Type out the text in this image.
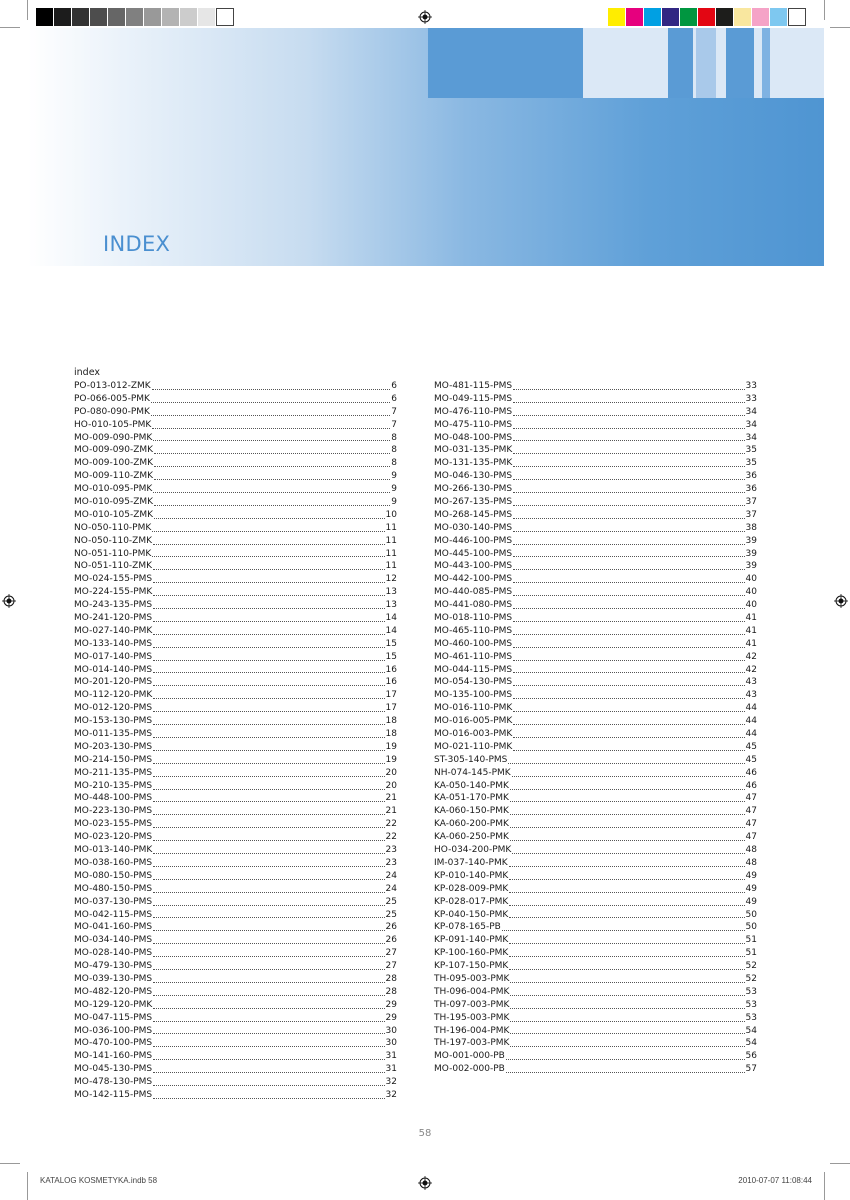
INDEX
index
PO-013-012-ZMK	6
PO-066-005-PMK	6
PO-080-090-PMK	7
HO-010-105-PMK	7
MO-009-090-PMK	8
MO-009-090-ZMK	8
MO-009-100-ZMK	8
MO-009-110-ZMK	9
MO-010-095-PMK	9
MO-010-095-ZMK	9
MO-010-105-ZMK	10
NO-050-110-PMK	11
NO-050-110-ZMK	11
NO-051-110-PMK	11
NO-051-110-ZMK	11
MO-024-155-PMS	12
MO-224-155-PMK	13
MO-243-135-PMS	13
MO-241-120-PMS	14
MO-027-140-PMK	14
MO-133-140-PMS	15
MO-017-140-PMS	15
MO-014-140-PMS	16
MO-201-120-PMS	16
MO-112-120-PMK	17
MO-012-120-PMS	17
MO-153-130-PMS	18
MO-011-135-PMS	18
MO-203-130-PMS	19
MO-214-150-PMS	19
MO-211-135-PMS	20
MO-210-135-PMS	20
MO-448-100-PMS	21
MO-223-130-PMS	21
MO-023-155-PMS	22
MO-023-120-PMS	22
MO-013-140-PMK	23
MO-038-160-PMS	23
MO-080-150-PMS	24
MO-480-150-PMS	24
MO-037-130-PMS	25
MO-042-115-PMS	25
MO-041-160-PMS	26
MO-034-140-PMS	26
MO-028-140-PMS	27
MO-479-130-PMS	27
MO-039-130-PMS	28
MO-482-120-PMS	28
MO-129-120-PMK	29
MO-047-115-PMS	29
MO-036-100-PMS	30
MO-470-100-PMS	30
MO-141-160-PMS	31
MO-045-130-PMS	31
MO-478-130-PMS	32
MO-142-115-PMS	32
MO-481-115-PMS	33
MO-049-115-PMS	33
MO-476-110-PMS	34
MO-475-110-PMS	34
MO-048-100-PMS	34
MO-031-135-PMK	35
MO-131-135-PMK	35
MO-046-130-PMS	36
MO-266-130-PMS	36
MO-267-135-PMS	37
MO-268-145-PMS	37
MO-030-140-PMS	38
MO-446-100-PMS	39
MO-445-100-PMS	39
MO-443-100-PMS	39
MO-442-100-PMS	40
MO-440-085-PMS	40
MO-441-080-PMS	40
MO-018-110-PMS	41
MO-465-110-PMS	41
MO-460-100-PMS	41
MO-461-110-PMS	42
MO-044-115-PMS	42
MO-054-130-PMS	43
MO-135-100-PMS	43
MO-016-110-PMK	44
MO-016-005-PMK	44
MO-016-003-PMK	44
MO-021-110-PMK	45
ST-305-140-PMS	45
NH-074-145-PMK	46
KA-050-140-PMK	46
KA-051-170-PMK	47
KA-060-150-PMK	47
KA-060-200-PMK	47
KA-060-250-PMK	47
HO-034-200-PMK	48
IM-037-140-PMK	48
KP-010-140-PMK	49
KP-028-009-PMK	49
KP-028-017-PMK	49
KP-040-150-PMK	50
KP-078-165-PB	50
KP-091-140-PMK	51
KP-100-160-PMK	51
KP-107-150-PMK	52
TH-095-003-PMK	52
TH-096-004-PMK	53
TH-097-003-PMK	53
TH-195-003-PMK	53
TH-196-004-PMK	54
TH-197-003-PMK	54
MO-001-000-PB	56
MO-002-000-PB	57
58
KATALOG KOSMETYKA.indb 58	2010-07-07 11:08:44
